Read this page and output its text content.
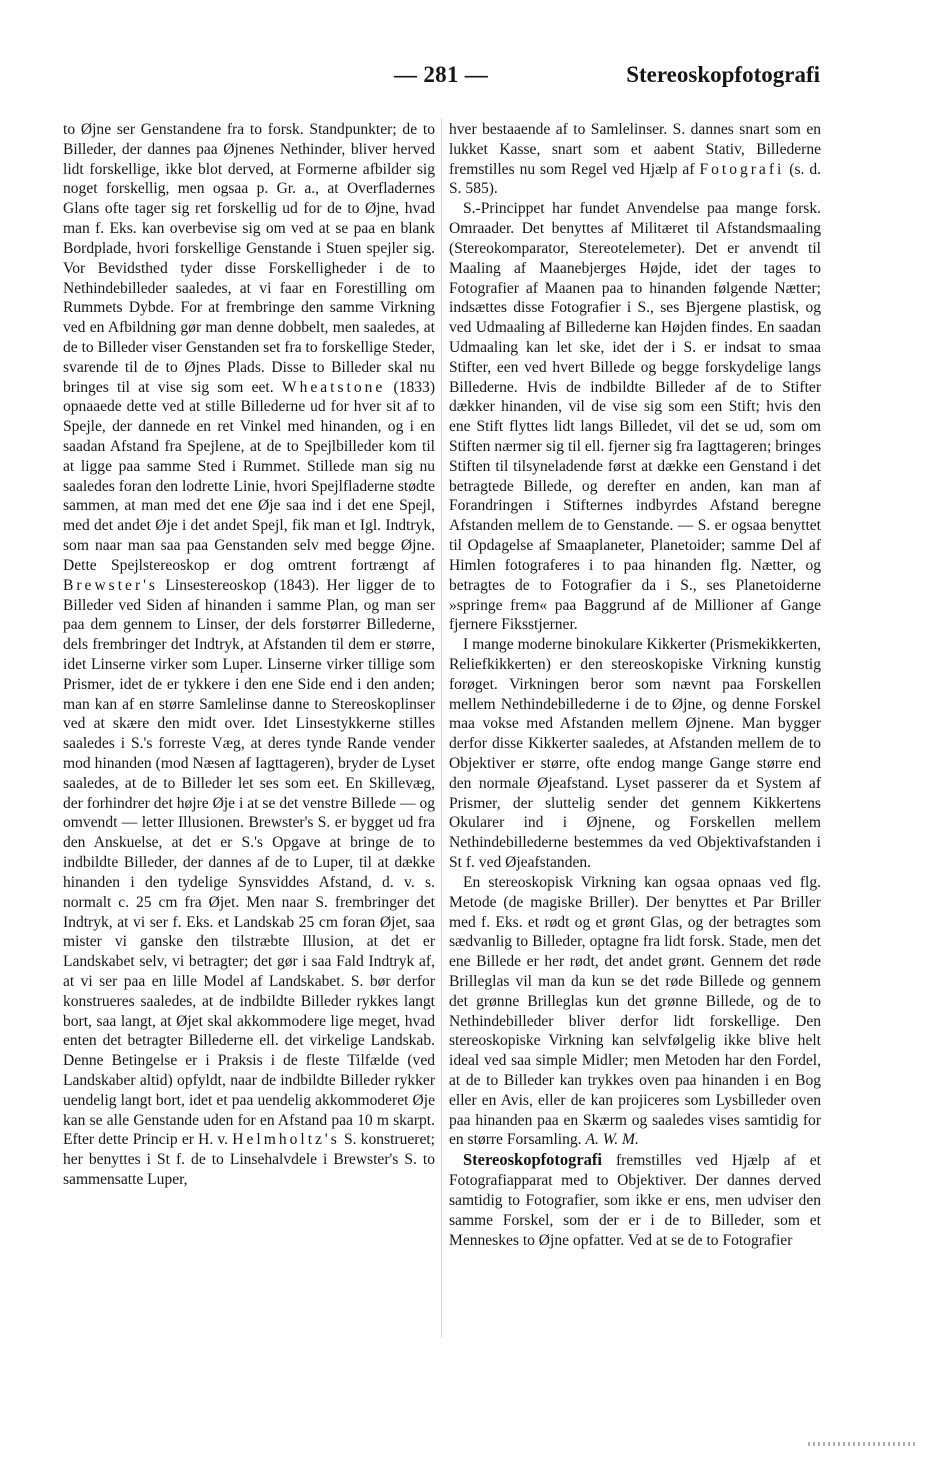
— 281 —	Stereoskopfotografi

to Øjne ser Genstandene fra to forsk. Standpunkter; de to Billeder, der dannes paa Øjnenes Nethinder, bliver herved lidt forskellige, ikke blot derved, at Formerne afbilder sig noget forskellig, men ogsaa p. Gr. a., at Overfladernes Glans ofte tager sig ret forskellig ud for de to Øjne, hvad man f. Eks. kan overbevise sig om ved at se paa en blank Bordplade, hvori forskellige Genstande i Stuen spejler sig. Vor Bevidsthed tyder disse Forskelligheder i de to Nethindebilleder saaledes, at vi faar en Forestilling om Rummets Dybde. For at frembringe den samme Virkning ved en Afbildning gør man denne dobbelt, men saaledes, at de to Billeder viser Genstanden set fra to forskellige Steder, svarende til de to Øjnes Plads. Disse to Billeder skal nu bringes til at vise sig som eet. Wheatstone (1833) opnaaede dette ved at stille Billederne ud for hver sit af to Spejle, der dannede en ret Vinkel med hinanden, og i en saadan Afstand fra Spejlene, at de to Spejlbilleder kom til at ligge paa samme Sted i Rummet. Stillede man sig nu saaledes foran den lodrette Linie, hvori Spejlfladerne stødte sammen, at man med det ene Øje saa ind i det ene Spejl, med det andet Øje i det andet Spejl, fik man et Igl. Indtryk, som naar man saa paa Genstanden selv med begge Øjne. Dette Spejlstereoskop er dog omtrent fortrængt af Brewster's Linsestereoskop (1843). Her ligger de to Billeder ved Siden af hinanden i samme Plan, og man ser paa dem gennem to Linser, der dels forstørrer Billederne, dels frembringer det Indtryk, at Afstanden til dem er større, idet Linserne virker som Luper. Linserne virker tillige som Prismer, idet de er tykkere i den ene Side end i den anden; man kan af en større Samlelinse danne to Stereoskoplinser ved at skære den midt over. Idet Linsestykkerne stilles saaledes i S.'s forreste Væg, at deres tynde Rande vender mod hinanden (mod Næsen af Iagttageren), bryder de Lyset saaledes, at de to Billeder let ses som eet. En Skillevæg, der forhindrer det højre Øje i at se det venstre Billede — og omvendt — letter Illusionen. Brewster's S. er bygget ud fra den Anskuelse, at det er S.'s Opgave at bringe de to indbildte Billeder, der dannes af de to Luper, til at dække hinanden i den tydelige Synsviddes Afstand, d. v. s. normalt c. 25 cm fra Øjet. Men naar S. frembringer det Indtryk, at vi ser f. Eks. et Landskab 25 cm foran Øjet, saa mister vi ganske den tilstræbte Illusion, at det er Landskabet selv, vi betragter; det gør i saa Fald Indtryk af, at vi ser paa en lille Model af Landskabet. S. bør derfor konstrueres saaledes, at de indbildte Billeder rykkes langt bort, saa langt, at Øjet skal akkommodere lige meget, hvad enten det betragter Billederne ell. det virkelige Landskab. Denne Betingelse er i Praksis i de fleste Tilfælde (ved Landskaber altid) opfyldt, naar de indbildte Billeder rykker uendelig langt bort, idet et paa uendelig akkommoderet Øje kan se alle Genstande uden for en Afstand paa 10 m skarpt. Efter dette Princip er H. v. Helmholtz's S. konstrueret; her benyttes i St f. de to Linsehalvdele i Brewster's S. to sammensatte Luper,

hver bestaaende af to Samlelinser. S. dannes snart som en lukket Kasse, snart som et aabent Stativ, Billederne fremstilles nu som Regel ved Hjælp af Fotografi (s. d. S. 585).

S.-Princippet har fundet Anvendelse paa mange forsk. Omraader. Det benyttes af Militæret til Afstandsmaaling (Stereokomparator, Stereotelemeter). Det er anvendt til Maaling af Maanebjerges Højde, idet der tages to Fotografier af Maanen paa to hinanden følgende Nætter; indsættes disse Fotografier i S., ses Bjergene plastisk, og ved Udmaaling af Billederne kan Højden findes. En saadan Udmaaling kan let ske, idet der i S. er indsat to smaa Stifter, een ved hvert Billede og begge forskydelige langs Billederne. Hvis de indbildte Billeder af de to Stifter dækker hinanden, vil de vise sig som een Stift; hvis den ene Stift flyttes lidt langs Billedet, vil det se ud, som om Stiften nærmer sig til ell. fjerner sig fra Iagttageren; bringes Stiften til tilsyneladende først at dække een Genstand i det betragtede Billede, og derefter en anden, kan man af Forandringen i Stifternes indbyrdes Afstand beregne Afstanden mellem de to Genstande. — S. er ogsaa benyttet til Opdagelse af Smaaplaneter, Planetoider; samme Del af Himlen fotograferes i to paa hinanden flg. Nætter, og betragtes de to Fotografier da i S., ses Planetoiderne »springe frem« paa Baggrund af de Millioner af Gange fjernere Fiksstjerner.

I mange moderne binokulare Kikkerter (Prismekikkerten, Reliefkikkerten) er den stereoskopiske Virkning kunstig forøget. Virkningen beror som nævnt paa Forskellen mellem Nethindebillederne i de to Øjne, og denne Forskel maa vokse med Afstanden mellem Øjnene. Man bygger derfor disse Kikkerter saaledes, at Afstanden mellem de to Objektiver er større, ofte endog mange Gange større end den normale Øjeafstand. Lyset passerer da et System af Prismer, der sluttelig sender det gennem Kikkertens Okularer ind i Øjnene, og Forskellen mellem Nethindebillederne bestemmes da ved Objektivafstanden i St f. ved Øjeafstanden.

En stereoskopisk Virkning kan ogsaa opnaas ved flg. Metode (de magiske Briller). Der benyttes et Par Briller med f. Eks. et rødt og et grønt Glas, og der betragtes som sædvanlig to Billeder, optagne fra lidt forsk. Stade, men det ene Billede er her rødt, det andet grønt. Gennem det røde Brilleglas vil man da kun se det røde Billede og gennem det grønne Brilleglas kun det grønne Billede, og de to Nethindebilleder bliver derfor lidt forskellige. Den stereoskopiske Virkning kan selvfølgelig ikke blive helt ideal ved saa simple Midler; men Metoden har den Fordel, at de to Billeder kan trykkes oven paa hinanden i en Bog eller en Avis, eller de kan projiceres som Lysbilleder oven paa hinanden paa en Skærm og saaledes vises samtidig for en større Forsamling. A. W. M.

Stereoskopfotografi fremstilles ved Hjælp af et Fotografiapparat med to Objektiver. Der dannes derved samtidig to Fotografier, som ikke er ens, men udviser den samme Forskel, som der er i de to Billeder, som et Menneskes to Øjne opfatter. Ved at se de to Fotografier
